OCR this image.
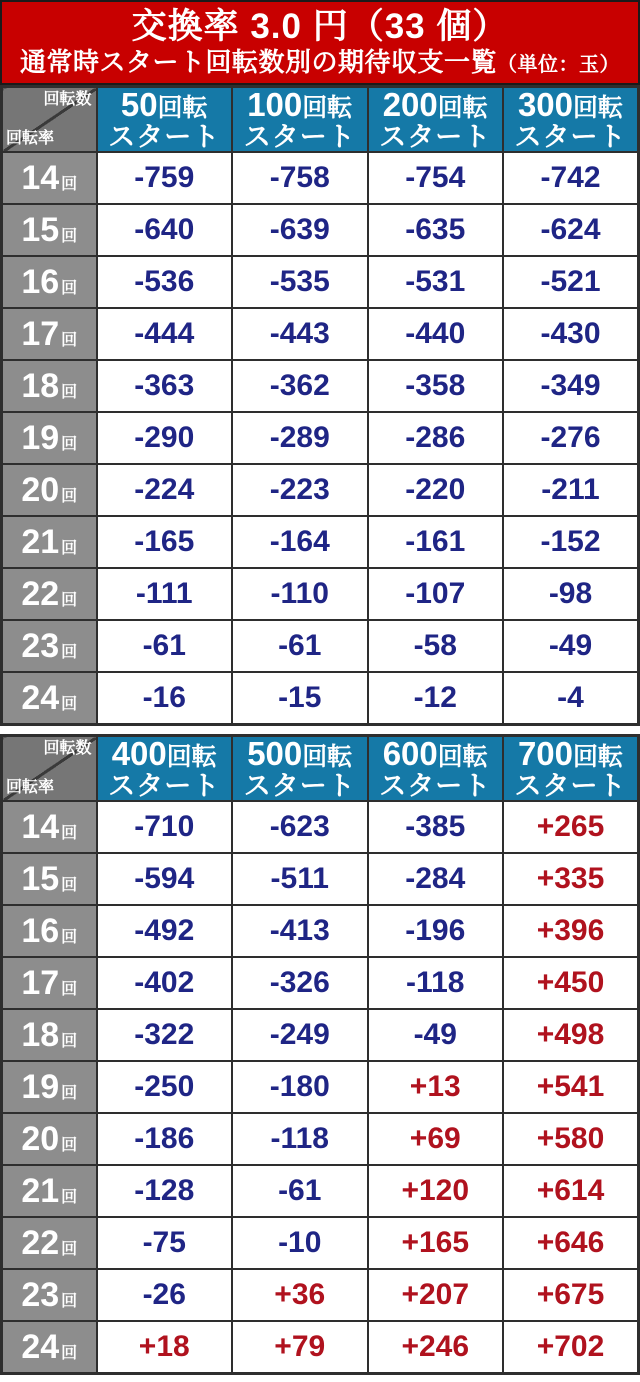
交換率 3.0 円（33 個）
通常時スタート回転数別の期待収支一覧（単位：玉）
回転数
回転率

50回転
スタート

100回転
スタート

200回転
スタート

300回転
スタート

14 回	-759	-758	-754	-742
15 回	-640	-639	-635	-624
16 回	-536	-535	-531	-521
17 回	-444	-443	-440	-430
18 回	-363	-362	-358	-349
19 回	-290	-289	-286	-276
20 回	-224	-223	-220	-211
21 回	-165	-164	-161	-152
22 回	-111	-110	-107	-98
23 回	-61	-61	-58	-49
24 回	-16	-15	-12	-4
回転数
回転率

400回転
スタート

500回転
スタート

600回転
スタート

700回転
スタート

14 回	-710	-623	-385	+265
15 回	-594	-511	-284	+335
16 回	-492	-413	-196	+396
17 回	-402	-326	-118	+450
18 回	-322	-249	-49	+498
19 回	-250	-180	+13	+541
20 回	-186	-118	+69	+580
21 回	-128	-61	+120	+614
22 回	-75	-10	+165	+646
23 回	-26	+36	+207	+675
24 回	+18	+79	+246	+702
